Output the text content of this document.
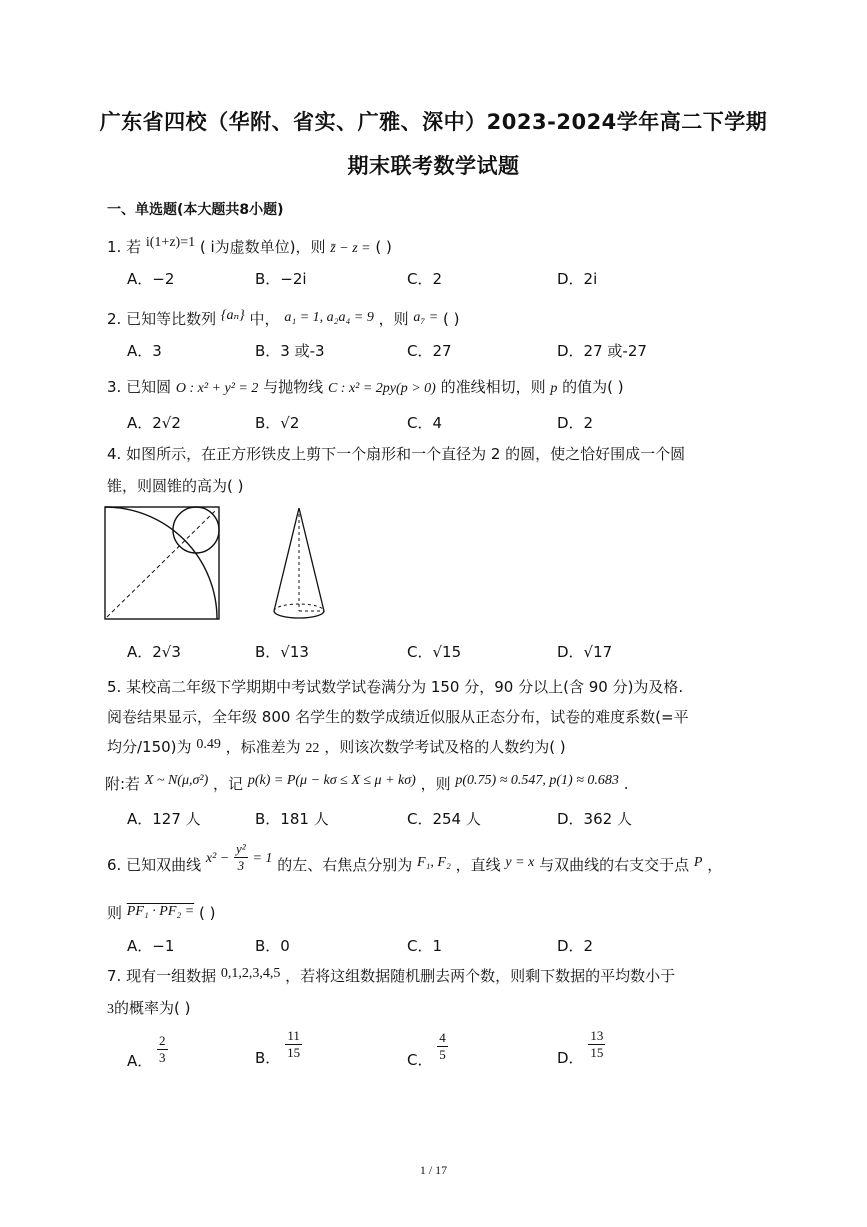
广东省四校（华附、省实、广雅、深中）2023-2024学年高二下学期
期末联考数学试题
一、单选题(本大题共8小题)
1. 若 i(1+z)=1 ( i为虚数单位)，则 z̄ − z = ( )
A．−2	B．−2i	C．2	D．2i
2. 已知等比数列 {aₙ} 中， a₁ = 1, a₂a₄ = 9 ，则 a₇ = ( )
A．3	B．3 或-3	C．27	D．27 或-27
3. 已知圆 O : x² + y² = 2 与抛物线 C : x² = 2py(p > 0) 的准线相切，则 p 的值为( )
A．2√2	B．√2	C．4	D．2
4. 如图所示，在正方形铁皮上剪下一个扇形和一个直径为 2 的圆，使之恰好围成一个圆
锥，则圆锥的高为( )
A．2√3	B．√13	C．√15	D．√17
5. 某校高二年级下学期期中考试数学试卷满分为 150 分，90 分以上(含 90 分)为及格.
阅卷结果显示，全年级 800 名学生的数学成绩近似服从正态分布，试卷的难度系数(=平
均分/150)为 0.49 ，标准差为 22 ，则该次数学考试及格的人数约为( )
附:若 X ~ N(μ,σ²) ，记 p(k) = P(μ − kσ ≤ X ≤ μ + kσ) ，则 p(0.75) ≈ 0.547, p(1) ≈ 0.683 .
A．127 人	B．181 人	C．254 人	D．362 人
6. 已知双曲线 $x^2 - \frac{\text{y²}}{3} = 1$ 的左、右焦点分别为 F₁, F₂ ，直线 y = x 与双曲线的右支交于点 P ，
则 PF₁ · PF₂ = ( )
A．−1	B．0	C．1	D．2
7. 现有一组数据 0,1,2,3,4,5 ，若将这组数据随机删去两个数，则剩下数据的平均数小于
3的概率为( )
A． $\frac{2}{3}$	B． $\frac{11}{15}$	C． $\frac{4}{5}$	D． $\frac{13}{15}$
1 / 17
